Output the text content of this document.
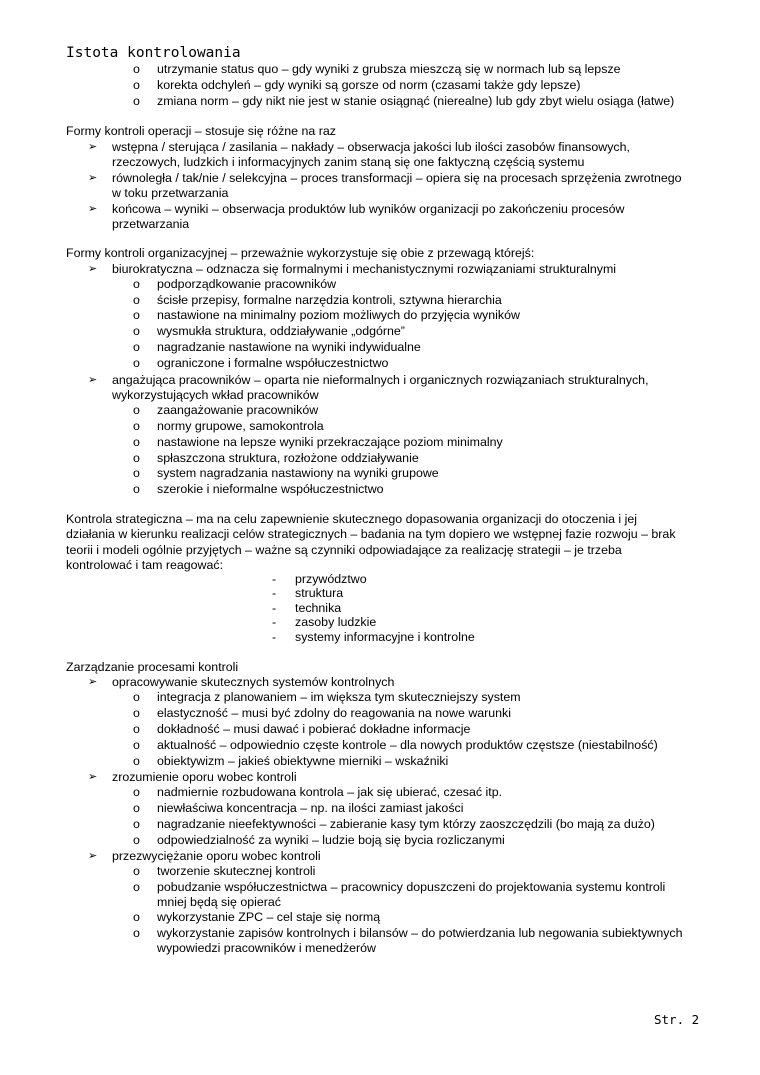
Istota kontrolowania
o utrzymanie status quo – gdy wyniki z grubsza mieszczą się w normach lub są lepsze
o korekta odchyleń – gdy wyniki są gorsze od norm (czasami także gdy lepsze)
o zmiana norm – gdy nikt nie jest w stanie osiągnąć (nierealne) lub gdy zbyt wielu osiąga (łatwe)
Formy kontroli operacji – stosuje się różne na raz
➢ wstępna / sterująca / zasilania – nakłady – obserwacja jakości lub ilości zasobów finansowych,
rzeczowych, ludzkich i informacyjnych zanim staną się one faktyczną częścią systemu
➢ równoległa / tak/nie / selekcyjna – proces transformacji – opiera się na procesach sprzężenia zwrotnego
w toku przetwarzania
➢ końcowa – wyniki – obserwacja produktów lub wyników organizacji po zakończeniu procesów
przetwarzania
Formy kontroli organizacyjnej – przeważnie wykorzystuje się obie z przewagą którejś:
➢ biurokratyczna – odznacza się formalnymi i mechanistycznymi rozwiązaniami strukturalnymi
o podporządkowanie pracowników
o ścisłe przepisy, formalne narzędzia kontroli, sztywna hierarchia
o nastawione na minimalny poziom możliwych do przyjęcia wyników
o wysmukła struktura, oddziaływanie „odgórne”
o nagradzanie nastawione na wyniki indywidualne
o ograniczone i formalne współuczestnictwo
➢ angażująca pracowników – oparta nie nieformalnych i organicznych rozwiązaniach strukturalnych,
wykorzystujących wkład pracowników
o zaangażowanie pracowników
o normy grupowe, samokontrola
o nastawione na lepsze wyniki przekraczające poziom minimalny
o spłaszczona struktura, rozłożone oddziaływanie
o system nagradzania nastawiony na wyniki grupowe
o szerokie i nieformalne współuczestnictwo
Kontrola strategiczna – ma na celu zapewnienie skutecznego dopasowania organizacji do otoczenia i jej
działania w kierunku realizacji celów strategicznych – badania na tym dopiero we wstępnej fazie rozwoju – brak
teorii i modeli ogólnie przyjętych – ważne są czynniki odpowiadające za realizację strategii – je trzeba
kontrolować i tam reagować:
- przywództwo
- struktura
- technika
- zasoby ludzkie
- systemy informacyjne i kontrolne
Zarządzanie procesami kontroli
➢ opracowywanie skutecznych systemów kontrolnych
o integracja z planowaniem – im większa tym skuteczniejszy system
o elastyczność – musi być zdolny do reagowania na nowe warunki
o dokładność – musi dawać i pobierać dokładne informacje
o aktualność – odpowiednio częste kontrole – dla nowych produktów częstsze (niestabilność)
o obiektywizm – jakieś obiektywne mierniki – wskaźniki
➢ zrozumienie oporu wobec kontroli
o nadmiernie rozbudowana kontrola – jak się ubierać, czesać itp.
o niewłaściwa koncentracja – np. na ilości zamiast jakości
o nagradzanie nieefektywności – zabieranie kasy tym którzy zaoszczędzili (bo mają za dużo)
o odpowiedzialność za wyniki – ludzie boją się bycia rozliczanymi
➢ przezwyciężanie oporu wobec kontroli
o tworzenie skutecznej kontroli
o pobudzanie współuczestnictwa – pracownicy dopuszczeni do projektowania systemu kontroli
mniej będą się opierać
o wykorzystanie ZPC – cel staje się normą
o wykorzystanie zapisów kontrolnych i bilansów – do potwierdzania lub negowania subiektywnych
wypowiedzi pracowników i menedżerów
Str. 2
